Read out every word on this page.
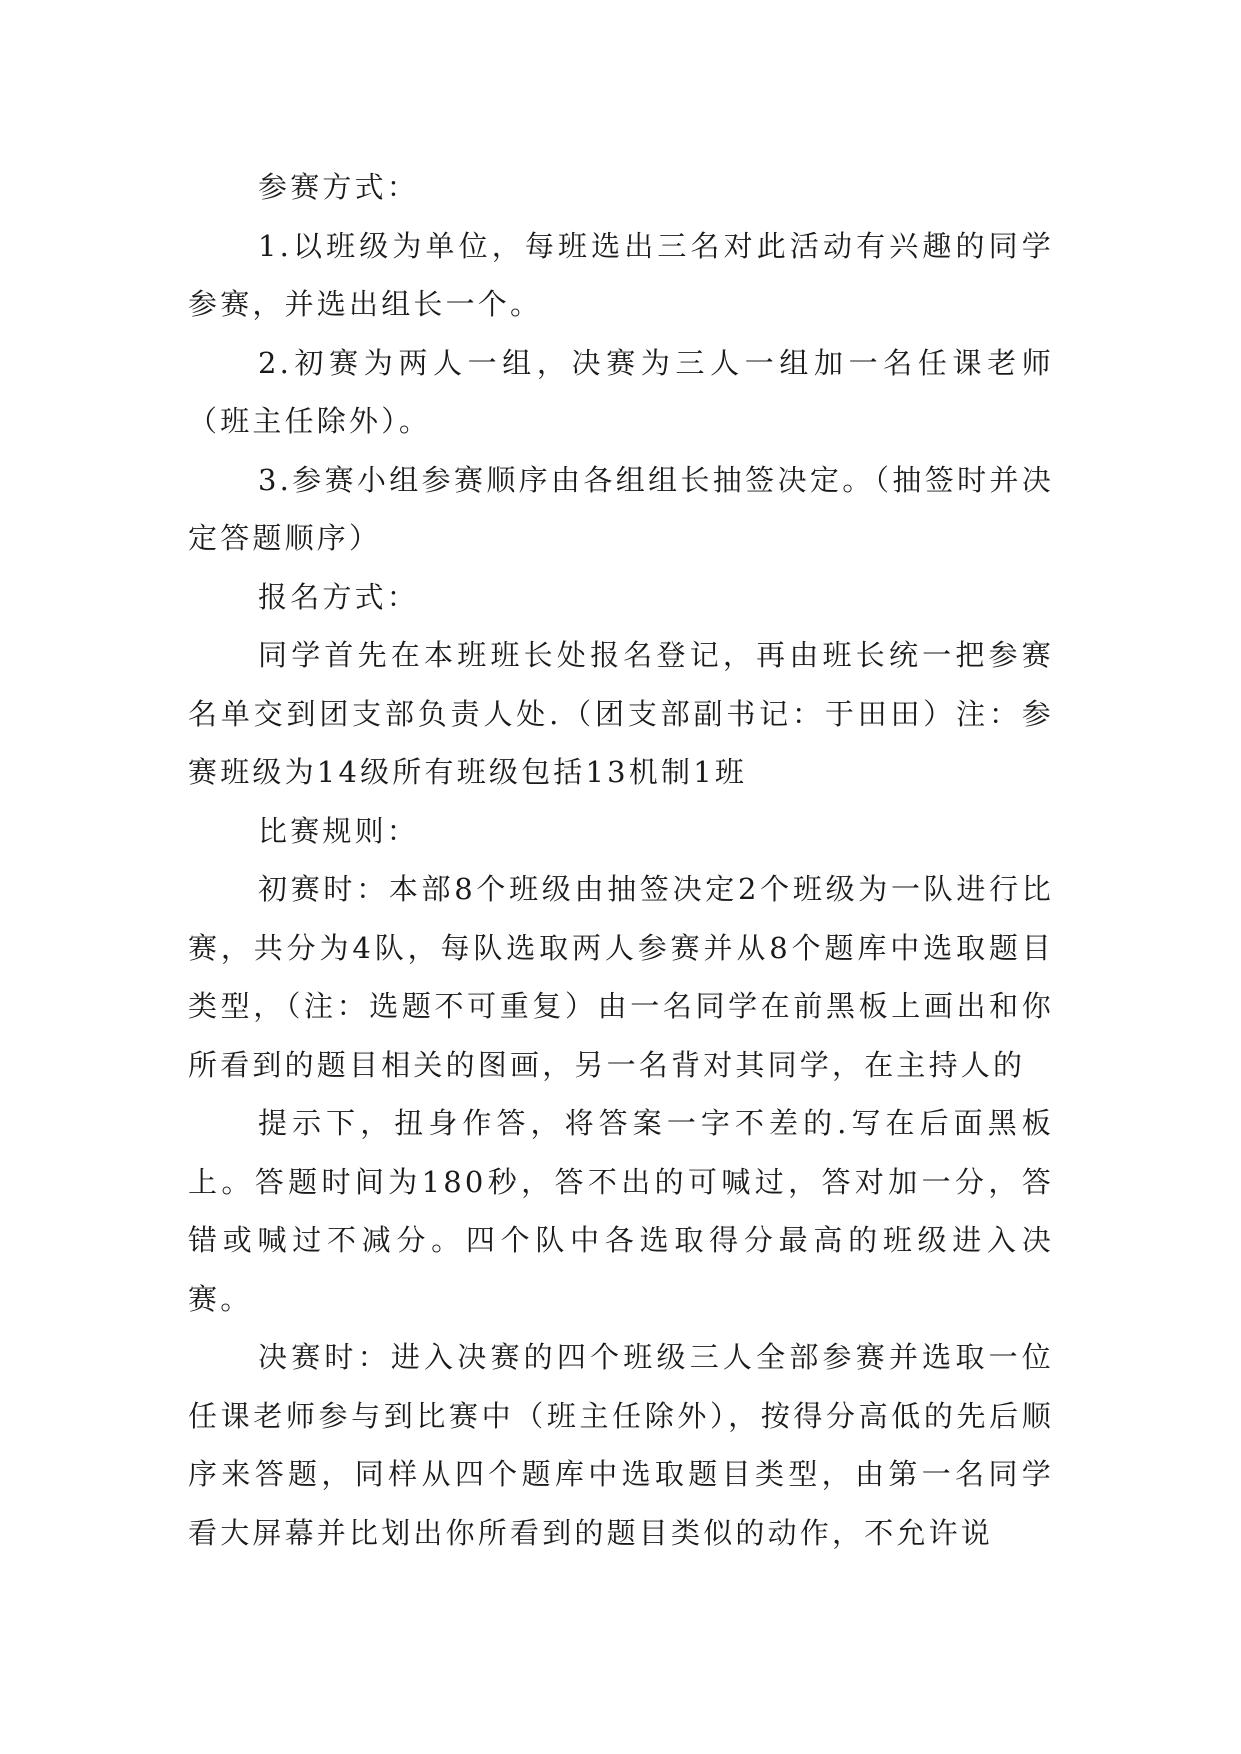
参赛方式：

1.以班级为单位，每班选出三名对此活动有兴趣的同学参赛，并选出组长一个。

2.初赛为两人一组，决赛为三人一组加一名任课老师（班主任除外）。

3.参赛小组参赛顺序由各组组长抽签决定。（抽签时并决定答题顺序）

报名方式：

同学首先在本班班长处报名登记，再由班长统一把参赛名单交到团支部负责人处.（团支部副书记：于田田）注：参赛班级为14级所有班级包括13机制1班

比赛规则：

初赛时：本部8个班级由抽签决定2个班级为一队进行比赛，共分为4队，每队选取两人参赛并从8个题库中选取题目类型，（注：选题不可重复）由一名同学在前黑板上画出和你所看到的题目相关的图画，另一名背对其同学，在主持人的

提示下，扭身作答，将答案一字不差的.写在后面黑板上。答题时间为180秒，答不出的可喊过，答对加一分，答错或喊过不减分。四个队中各选取得分最高的班级进入决赛。

决赛时：进入决赛的四个班级三人全部参赛并选取一位任课老师参与到比赛中（班主任除外），按得分高低的先后顺序来答题，同样从四个题库中选取题目类型，由第一名同学看大屏幕并比划出你所看到的题目类似的动作，不允许说
